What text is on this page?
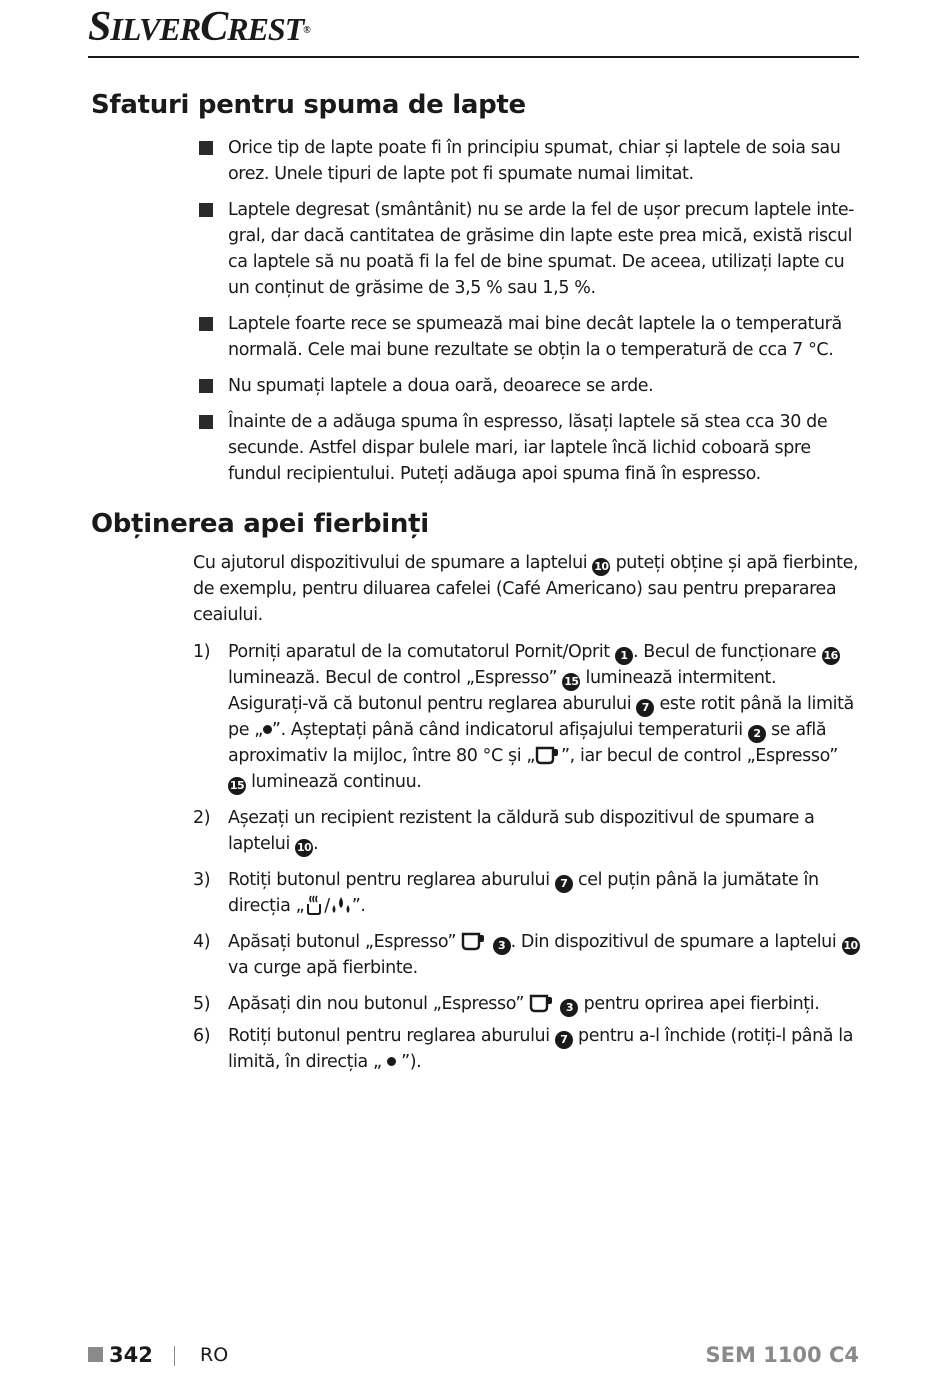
SILVERCREST®
Sfaturi pentru spuma de lapte
Orice tip de lapte poate fi în principiu spumat, chiar și laptele de soia sau orez. Unele tipuri de lapte pot fi spumate numai limitat.
Laptele degresat (smântânit) nu se arde la fel de ușor precum laptele inte-gral, dar dacă cantitatea de grăsime din lapte este prea mică, există riscul ca laptele să nu poată fi la fel de bine spumat. De aceea, utilizați lapte cu un conținut de grăsime de 3,5 % sau 1,5 %.
Laptele foarte rece se spumează mai bine decât laptele la o temperatură normală. Cele mai bune rezultate se obțin la o temperatură de cca 7 °C.
Nu spumați laptele a doua oară, deoarece se arde.
Înainte de a adăuga spuma în espresso, lăsați laptele să stea cca 30 de secunde. Astfel dispar bulele mari, iar laptele încă lichid coboară spre fundul recipientului. Puteți adăuga apoi spuma fină în espresso.
Obținerea apei fierbinți

Cu ajutorul dispozitivului de spumare a laptelui 10 puteți obține și apă fierbinte, de exemplu, pentru diluarea cafelei (Café Americano) sau pentru prepararea ceaiului.

1) Porniți aparatul de la comutatorul Pornit/Oprit 1 . Becul de funcționare 16 luminează. Becul de control „Espresso” 15 luminează intermitent. Asigurați-vă că butonul pentru reglarea aburului 7 este rotit până la limită pe „ ”. Așteptați până când indicatorul afișajului temperaturii 2 se află aproximativ la mijloc, între 80 °C și „ ”, iar becul de control „Espresso” 15 luminează continuu.
2) Așezați un recipient rezistent la căldură sub dispozitivul de spumare a laptelui 10 .
3) Rotiți butonul pentru reglarea aburului 7 cel puțin până la jumătate în direcția „ / ”.
4) Apăsați butonul „Espresso”	3 . Din dispozitivul de spumare a laptelui 10 va curge apă fierbinte.
5) Apăsați din nou butonul „Espresso”	3 pentru oprirea apei fierbinți.
6) Rotiți butonul pentru reglarea aburului 7 pentru a-l închide (rotiți-l până la limită, în direcția „ ”).
342 RO	SEM 1100 C4
